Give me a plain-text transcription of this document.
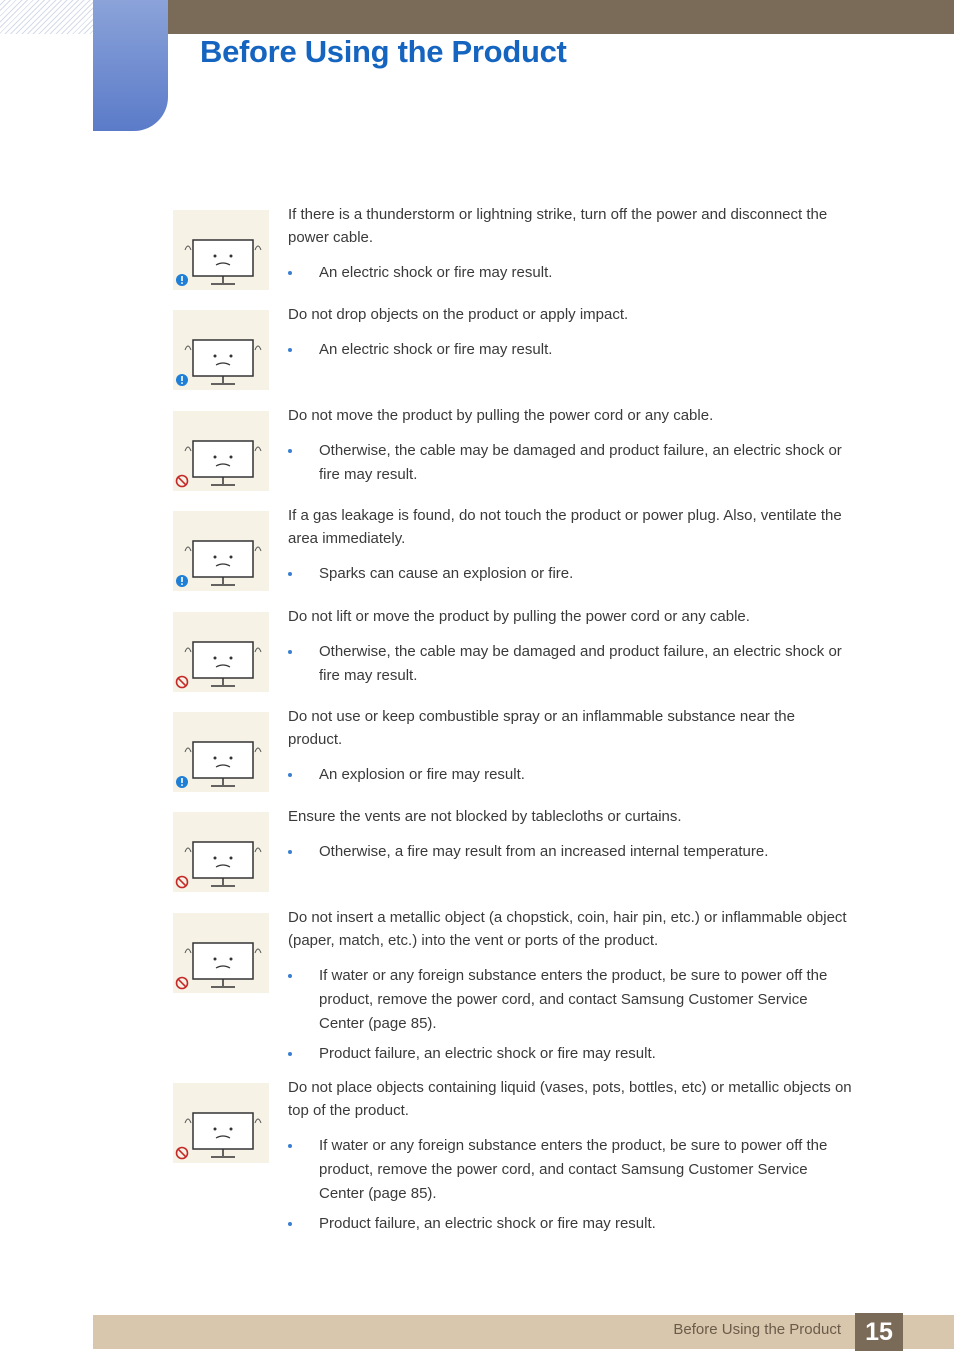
Before Using the Product

If there is a thunderstorm or lightning strike, turn off the power and disconnect the power cable.

An electric shock or fire may result.

Do not drop objects on the product or apply impact.

An electric shock or fire may result.

Do not move the product by pulling the power cord or any cable.

Otherwise, the cable may be damaged and product failure, an electric shock or fire may result.

If a gas leakage is found, do not touch the product or power plug. Also, ventilate the area immediately.

Sparks can cause an explosion or fire.

Do not lift or move the product by pulling the power cord or any cable.

Otherwise, the cable may be damaged and product failure, an electric shock or fire may result.

Do not use or keep combustible spray or an inflammable substance near the product.

An explosion or fire may result.

Ensure the vents are not blocked by tablecloths or curtains.

Otherwise, a fire may result from an increased internal temperature.

Do not insert a metallic object (a chopstick, coin, hair pin, etc.) or inflammable object (paper, match, etc.) into the vent or ports of the product.

If water or any foreign substance enters the product, be sure to power off the product, remove the power cord, and contact Samsung Customer Service Center (page 85).
Product failure, an electric shock or fire may result.

Do not place objects containing liquid (vases, pots, bottles, etc) or metallic objects on top of the product.

If water or any foreign substance enters the product, be sure to power off the product, remove the power cord, and contact Samsung Customer Service Center (page 85).
Product failure, an electric shock or fire may result.
Before Using the Product 15
